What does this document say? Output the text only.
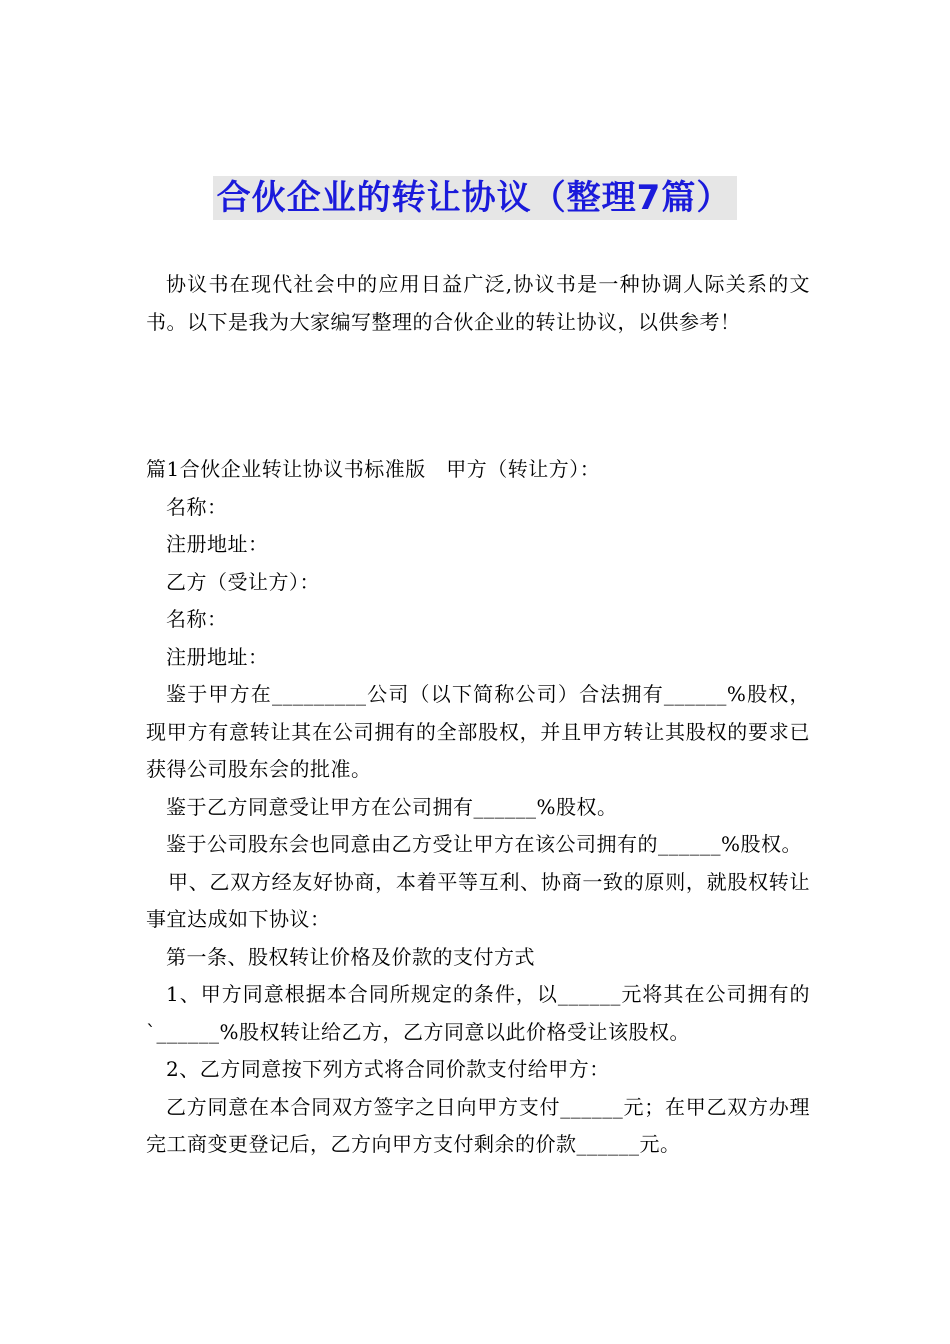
合伙企业的转让协议（整理7篇）

协议书在现代社会中的应用日益广泛,协议书是一种协调人际关系的文书。以下是我为大家编写整理的合伙企业的转让协议，以供参考！

篇1合伙企业转让协议书标准版　甲方（转让方）：

名称：

注册地址：

乙方（受让方）：

名称：

注册地址：

鉴于甲方在_________公司（以下简称公司）合法拥有______%股权，现甲方有意转让其在公司拥有的全部股权，并且甲方转让其股权的要求已获得公司股东会的批准。

鉴于乙方同意受让甲方在公司拥有______%股权。

鉴于公司股东会也同意由乙方受让甲方在该公司拥有的______%股权。

甲、乙双方经友好协商，本着平等互利、协商一致的原则，就股权转让事宜达成如下协议：

第一条、股权转让价格及价款的支付方式

1、甲方同意根据本合同所规定的条件，以______元将其在公司拥有的`______%股权转让给乙方，乙方同意以此价格受让该股权。

2、乙方同意按下列方式将合同价款支付给甲方：

乙方同意在本合同双方签字之日向甲方支付______元；在甲乙双方办理完工商变更登记后，乙方向甲方支付剩余的价款______元。
